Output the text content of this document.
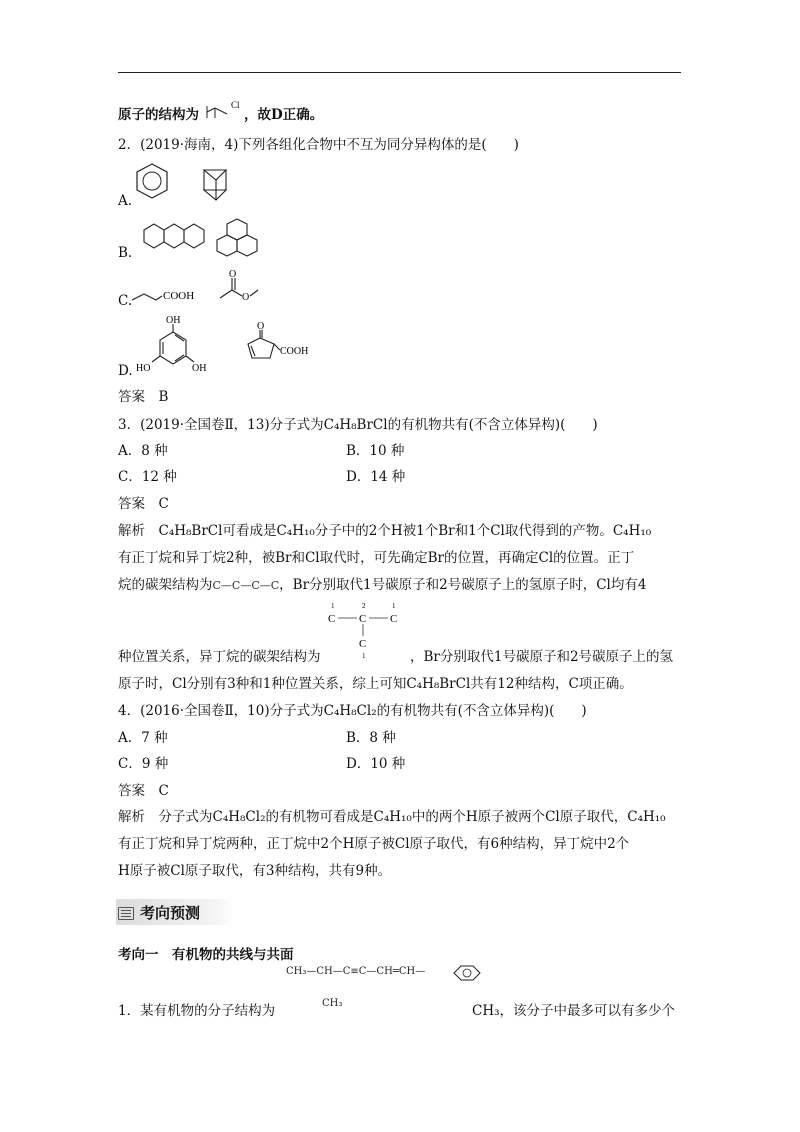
原子的结构为
Cl
，故D正确。
2．(2019·海南，4)下列各组化合物中不互为同分异构体的是(　　)
A.
B.
C.	COOH
O
O
D.
OH
HO	OH
O
COOH
答案　B
3．(2019·全国卷Ⅱ，13)分子式为C₄H₈BrCl的有机物共有(不含立体异构)(　　)
A．8 种	B．10 种
C．12 种	D．14 种
答案　C
解析　C₄H₈BrCl可看成是C₄H₁₀分子中的2个H被1个Br和1个Cl取代得到的产物。C₄H₁₀
有正丁烷和异丁烷2种，被Br和Cl取代时，可先确定Br的位置，再确定Cl的位置。正丁
烷的碳架结构为C—C—C—C，Br分别取代1号碳原子和2号碳原子上的氢原子时，Cl均有4
1	2	1
C C C
C
1
种位置关系，异丁烷的碳架结构为	，Br分别取代1号碳原子和2号碳原子上的氢
原子时，Cl分别有3种和1种位置关系，综上可知C₄H₈BrCl共有12种结构，C项正确。
4．(2016·全国卷Ⅱ，10)分子式为C₄H₈Cl₂的有机物共有(不含立体异构)(　　)
A．7 种	B．8 种
C．9 种	D．10 种
答案　C
解析　分子式为C₄H₈Cl₂的有机物可看成是C₄H₁₀中的两个H原子被两个Cl原子取代，C₄H₁₀
有正丁烷和异丁烷两种，正丁烷中2个H原子被Cl原子取代，有6种结构，异丁烷中2个
H原子被Cl原子取代，有3种结构，共有9种。
考向预测
考向一　有机物的共线与共面
CH₃—CH—C≡C—CH═CH—
CH₃
1．某有机物的分子结构为	CH₃，该分子中最多可以有多少个
